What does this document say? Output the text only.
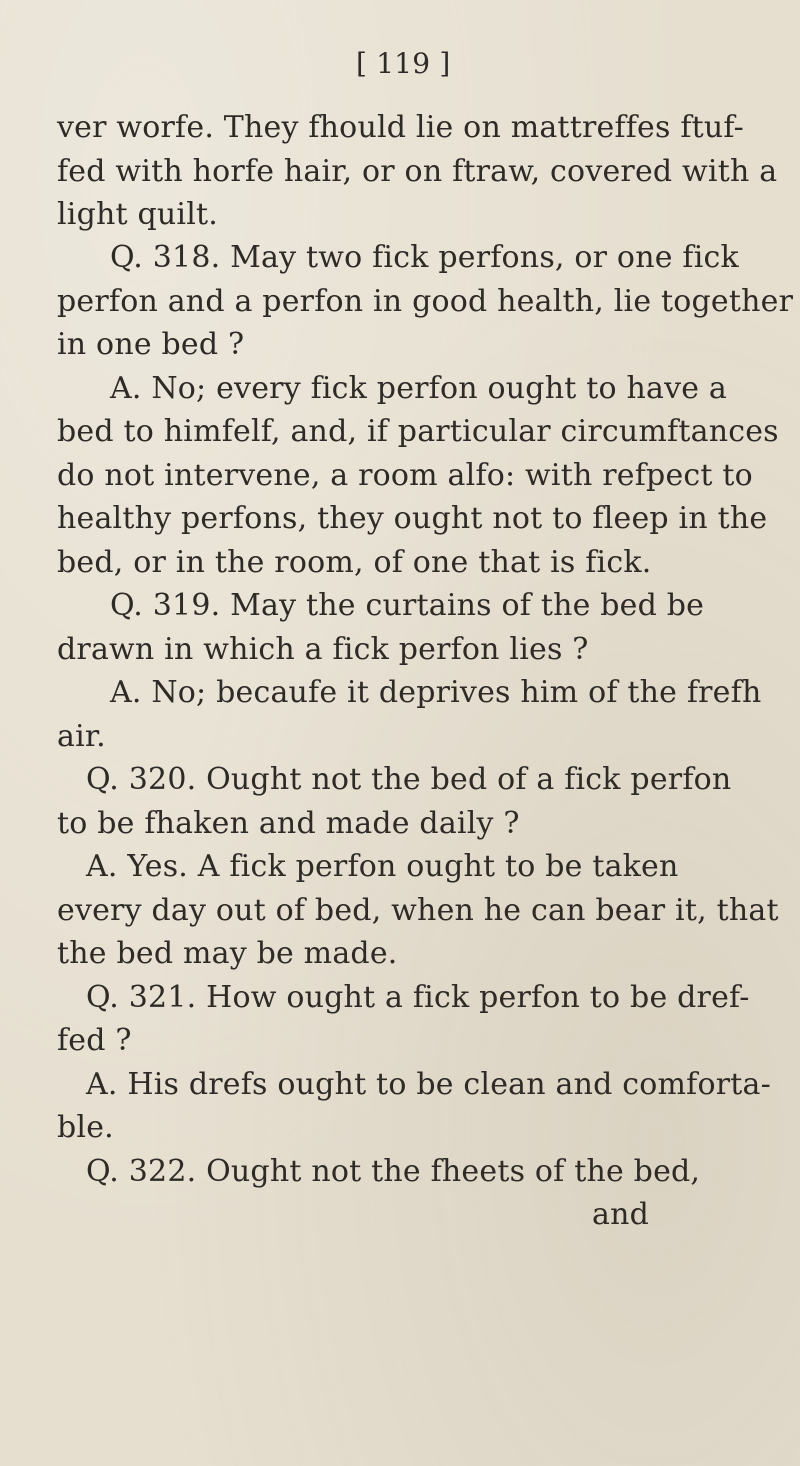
[ 119 ]
ver worfe. They fhould lie on mattreffes ftuf-
fed with horfe hair, or on ftraw, covered with a
light quilt.
Q. 318. May two fick perfons, or one fick
perfon and a perfon in good health, lie together
in one bed ?
A. No; every fick perfon ought to have a
bed to himfelf, and, if particular circumftances
do not intervene, a room alfo: with refpect to
healthy perfons, they ought not to fleep in the
bed, or in the room, of one that is fick.
Q. 319. May the curtains of the bed be
drawn in which a fick perfon lies ?
A. No; becaufe it deprives him of the frefh
air.
Q. 320. Ought not the bed of a fick perfon
to be fhaken and made daily ?
A. Yes. A fick perfon ought to be taken
every day out of bed, when he can bear it, that
the bed may be made.
Q. 321. How ought a fick perfon to be dref-
fed ?
A. His drefs ought to be clean and comforta-
ble.
Q. 322. Ought not the fheets of the bed,
and
